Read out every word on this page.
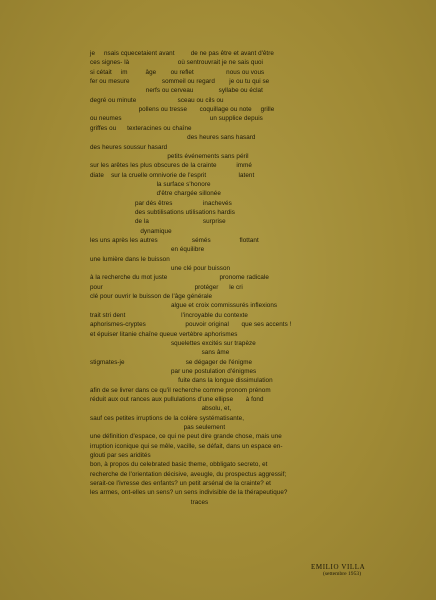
je     nsais cquecetaient avant         de ne pas être et avant d'être
ces signes- là                           où sentrouvrait je ne sais quoi
si cétait     im          âge        ou reflet                  nous ou vous
fer ou mesure                  sommeil ou regard        je ou tu qui se
nerfs ou cerveau              syllabe ou éclat
degré ou minute                       sceau ou cils ou
pollens ou tresse       coquillage ou note     grille
ou neumes                                                 un supplice depuis
griffes ou      texteracines ou chaîne
des heures sans hasard
des heures soussur hasard
petits événements sans péril
sur les arêtes les plus obscures de la crainte           immé
diate    sur la cruelle omnivorie de l'esprit                  latent
la surface s'honore
d'être chargée sillonée
par dés êtres                 inachevés
des subtilisations utilisations hardis
de la                              surprise
dynamique
les uns après les autres                   sémés                flottant
en équilibre
une lumière dans le buisson
une clé pour buisson
à la recherche du mot juste                             pronome radicale
pour                                                   protéger      le cri
clé pour ouvrir le buisson de l'âge générale
algue et croix commissurés inflexions
trait stri dent                               l'incroyable du contexte
aphorismes-cryptes                      pouvoir original       que ses accents !
et épuiser litanie chaîne queue vertèbre aphorismes
squelettes excités sur trapèze
sans âme
stigmates-je                                  se dégager de l'énigme
par une postulation d'énigmes
fuite dans la longue dissimulation
afin de se livrer dans ce qu'il recherche comme pronom prénom
réduit aux out rances aux pullulations d'une ellipse       à fond
absolu, et,
sauf ces petites irruptions de la colère systématisante,
pas seulement
une définition d'espace, ce qui ne peut dire grande chose, mais une
irruption iconique qui se mêle, vacille, se défait, dans un espace en-
glouti par ses aridités
bon, à propos du celebrated basic theme, obbligato secreto, et
recherche de l'orientation décisive, aveugle, du prospectus aggressif;
serait-ce l'ivresse des enfants? un petit arsénal de la crainte? et
les armes, ont-elles un sens? un sens indivisible de la thérapeutique?
traces
EMILIO VILLA
(settembre 1953)
